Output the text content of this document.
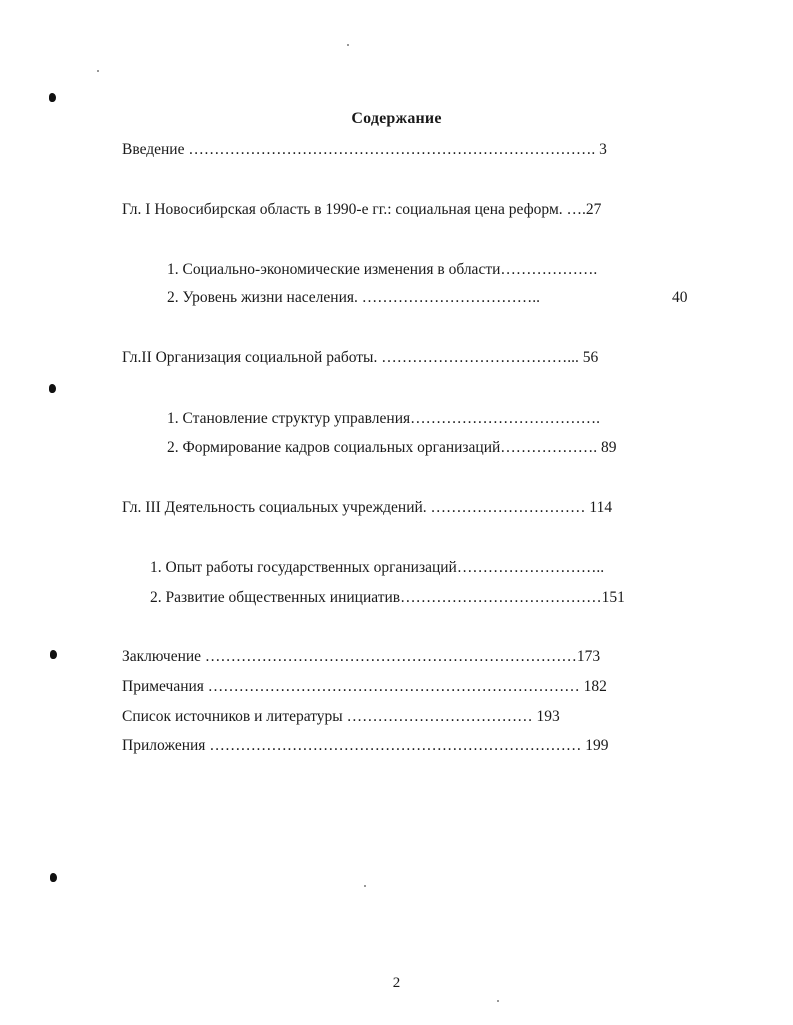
Содержание
Введение ……………………………………………………………………. 3
Гл. I Новосибирская область в 1990-е гг.: социальная цена реформ. ….27
1. Социально-экономические изменения в области……………….
2. Уровень жизни населения. ……………………………..	40
Гл.II Организация социальной работы. ………………………………... 56
1. Становление структур управления……………………………….
2. Формирование кадров социальных организаций………………. 89
Гл. III Деятельность социальных учреждений. ………………………… 114
1. Опыт работы государственных организаций………………………..
2. Развитие общественных инициатив…………………………………151
Заключение ………………………………………………………………173
Примечания ……………………………………………………………… 182
Список источников и литературы ……………………………… 193
Приложения ……………………………………………………………… 199
2
